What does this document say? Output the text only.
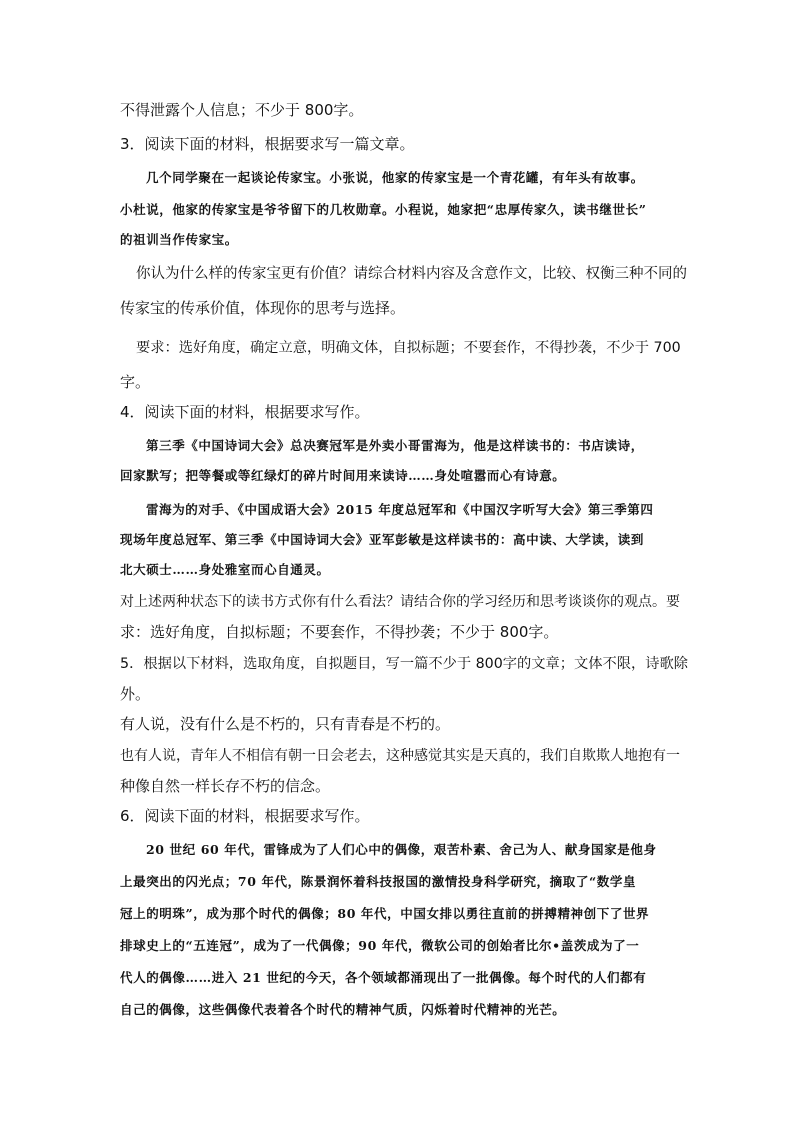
不得泄露个人信息；不少于 800字。
3．阅读下面的材料，根据要求写一篇文章。
几个同学聚在一起谈论传家宝。小张说，他家的传家宝是一个青花罐，有年头有故事。
小杜说，他家的传家宝是爷爷留下的几枚勋章。小程说，她家把“忠厚传家久，读书继世长”
的祖训当作传家宝。
你认为什么样的传家宝更有价值？请综合材料内容及含意作文，比较、权衡三种不同的
传家宝的传承价值，体现你的思考与选择。
要求：选好角度，确定立意，明确文体，自拟标题；不要套作，不得抄袭，不少于 700
字。
4．阅读下面的材料，根据要求写作。
第三季《中国诗词大会》总决赛冠军是外卖小哥雷海为，他是这样读书的：书店读诗，
回家默写；把等餐或等红绿灯的碎片时间用来读诗……身处喧嚣而心有诗意。
雷海为的对手、《中国成语大会》2015 年度总冠军和《中国汉字听写大会》第三季第四
现场年度总冠军、第三季《中国诗词大会》亚军彭敏是这样读书的：高中读、大学读，读到
北大硕士……身处雅室而心自通灵。
对上述两种状态下的读书方式你有什么看法？请结合你的学习经历和思考谈谈你的观点。要
求：选好角度，自拟标题；不要套作，不得抄袭；不少于 800字。
5．根据以下材料，选取角度，自拟题目，写一篇不少于 800字的文章；文体不限，诗歌除
外。
有人说，没有什么是不朽的，只有青春是不朽的。
也有人说，青年人不相信有朝一日会老去，这种感觉其实是天真的，我们自欺欺人地抱有一
种像自然一样长存不朽的信念。
6．阅读下面的材料，根据要求写作。
20 世纪 60 年代，雷锋成为了人们心中的偶像，艰苦朴素、舍己为人、献身国家是他身
上最突出的闪光点；70 年代，陈景润怀着科技报国的激情投身科学研究，摘取了“数学皇
冠上的明珠”，成为那个时代的偶像；80 年代，中国女排以勇往直前的拼搏精神创下了世界
排球史上的“五连冠”，成为了一代偶像；90 年代，微软公司的创始者比尔•盖茨成为了一
代人的偶像……进入 21 世纪的今天，各个领域都涌现出了一批偶像。每个时代的人们都有
自己的偶像，这些偶像代表着各个时代的精神气质，闪烁着时代精神的光芒。
